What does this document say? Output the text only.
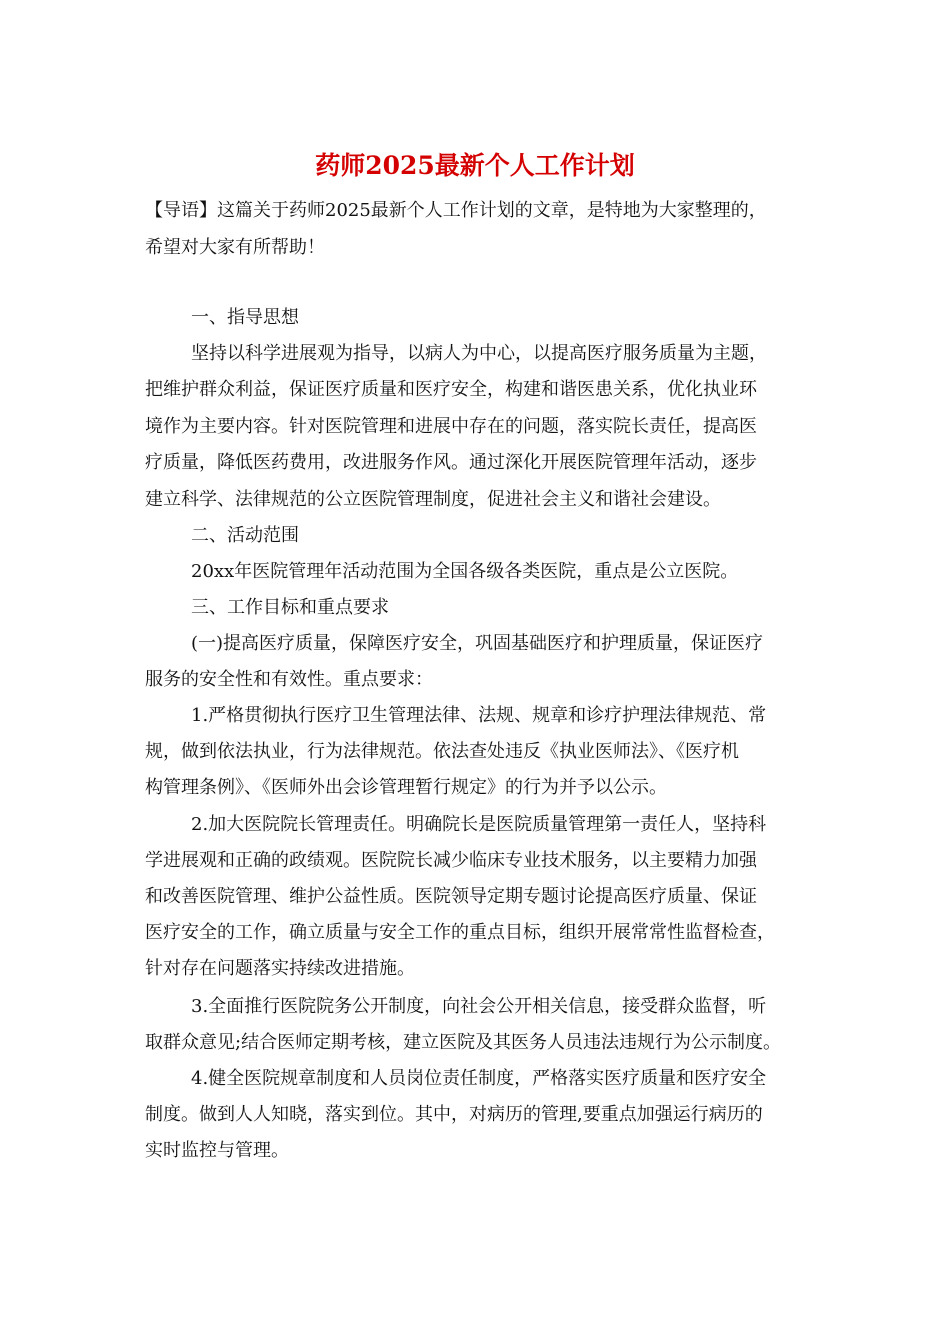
药师2025最新个人工作计划
【导语】这篇关于药师2025最新个人工作计划的文章，是特地为大家整理的，
希望对大家有所帮助！
一、指导思想
坚持以科学进展观为指导，以病人为中心，以提高医疗服务质量为主题，
把维护群众利益，保证医疗质量和医疗安全，构建和谐医患关系，优化执业环
境作为主要内容。针对医院管理和进展中存在的问题，落实院长责任，提高医
疗质量，降低医药费用，改进服务作风。通过深化开展医院管理年活动，逐步
建立科学、法律规范的公立医院管理制度，促进社会主义和谐社会建设。
二、活动范围
20xx年医院管理年活动范围为全国各级各类医院，重点是公立医院。
三、工作目标和重点要求
(一)提高医疗质量，保障医疗安全，巩固基础医疗和护理质量，保证医疗
服务的安全性和有效性。重点要求：
1.严格贯彻执行医疗卫生管理法律、法规、规章和诊疗护理法律规范、常
规，做到依法执业，行为法律规范。依法查处违反《执业医师法》、《医疗机
构管理条例》、《医师外出会诊管理暂行规定》的行为并予以公示。
2.加大医院院长管理责任。明确院长是医院质量管理第一责任人，坚持科
学进展观和正确的政绩观。医院院长减少临床专业技术服务，以主要精力加强
和改善医院管理、维护公益性质。医院领导定期专题讨论提高医疗质量、保证
医疗安全的工作，确立质量与安全工作的重点目标，组织开展常常性监督检查，
针对存在问题落实持续改进措施。
3.全面推行医院院务公开制度，向社会公开相关信息，接受群众监督，听
取群众意见;结合医师定期考核，建立医院及其医务人员违法违规行为公示制度。
4.健全医院规章制度和人员岗位责任制度，严格落实医疗质量和医疗安全
制度。做到人人知晓，落实到位。其中，对病历的管理,要重点加强运行病历的
实时监控与管理。
